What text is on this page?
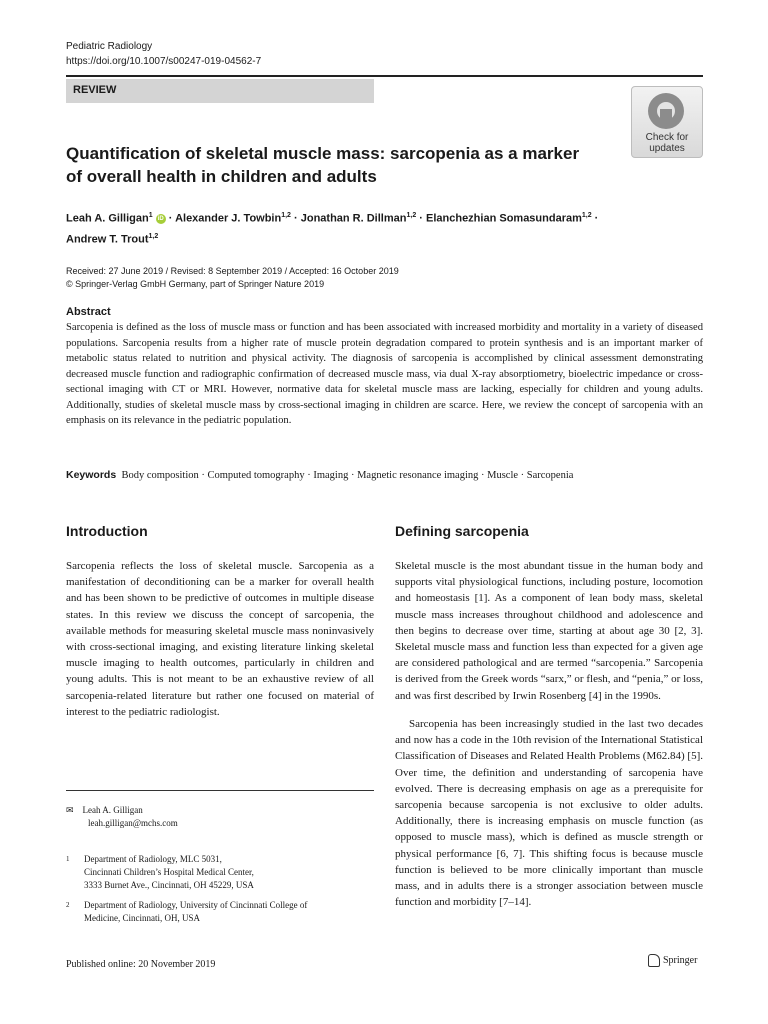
Pediatric Radiology
https://doi.org/10.1007/s00247-019-04562-7
REVIEW
Check for
updates
Quantification of skeletal muscle mass: sarcopenia as a marker
of overall health in children and adults
Leah A. Gilligan$^1$ iD · Alexander J. Towbin$^{1,2}$ · Jonathan R. Dillman$^{1,2}$ · Elanchezhian Somasundaram$^{1,2}$ ·
Andrew T. Trout$^{1,2}$
Received: 27 June 2019 / Revised: 8 September 2019 / Accepted: 16 October 2019
© Springer-Verlag GmbH Germany, part of Springer Nature 2019
Abstract
Sarcopenia is defined as the loss of muscle mass or function and has been associated with increased morbidity and mortality in a variety of diseased populations. Sarcopenia results from a higher rate of muscle protein degradation compared to protein synthesis and is an important marker of metabolic status related to nutrition and physical activity. The diagnosis of sarcopenia is accomplished by clinical assessment demonstrating decreased muscle function and radiographic confirmation of decreased muscle mass, via dual X-ray absorptiometry, bioelectric impedance or cross-sectional imaging with CT or MRI. However, normative data for skeletal muscle mass are lacking, especially for children and young adults. Additionally, studies of skeletal muscle mass by cross-sectional imaging in children are scarce. Here, we review the concept of sarcopenia with an emphasis on its relevance in the pediatric population.
Keywords Body composition · Computed tomography · Imaging · Magnetic resonance imaging · Muscle · Sarcopenia
Introduction	Defining sarcopenia
Sarcopenia reflects the loss of skeletal muscle. Sarcopenia as a manifestation of deconditioning can be a marker for overall health and has been shown to be predictive of outcomes in multiple disease states. In this review we discuss the concept of sarcopenia, the available methods for measuring skeletal muscle mass noninvasively with cross-sectional imaging, and existing literature linking skeletal muscle imaging to health outcomes, particularly in children and young adults. This is not meant to be an exhaustive review of all sarcopenia-related literature but rather one focused on material of interest to the pediatric radiologist.
Skeletal muscle is the most abundant tissue in the human body and supports vital physiological functions, including posture, locomotion and homeostasis [1]. As a component of lean body mass, skeletal muscle mass increases throughout childhood and adolescence and then begins to decrease over time, starting at about age 30 [2, 3]. Skeletal muscle mass and function less than expected for a given age are considered pathological and are termed “sarcopenia.” Sarcopenia is derived from the Greek words “sarx,” or flesh, and “penia,” or loss, and was first described by Irwin Rosenberg [4] in the 1990s.
Sarcopenia has been increasingly studied in the last two decades and now has a code in the 10th revision of the International Statistical Classification of Diseases and Related Health Problems (M62.84) [5]. Over time, the definition and understanding of sarcopenia have evolved. There is decreasing emphasis on age as a prerequisite for sarcopenia because sarcopenia is not exclusive to older adults. Additionally, there is increasing emphasis on muscle function (as opposed to muscle mass), which is defined as muscle strength or physical performance [6, 7]. This shifting focus is because muscle function is believed to be more clinically important than muscle mass, and in adults there is a stronger association between muscle function and morbidity [7–14].
✉ Leah A. Gilligan
leah.gilligan@mchs.com
1 Department of Radiology, MLC 5031,
Cincinnati Children’s Hospital Medical Center,
3333 Burnet Ave., Cincinnati, OH 45229, USA
2 Department of Radiology, University of Cincinnati College of
Medicine, Cincinnati, OH, USA
Published online: 20 November 2019	Springer
